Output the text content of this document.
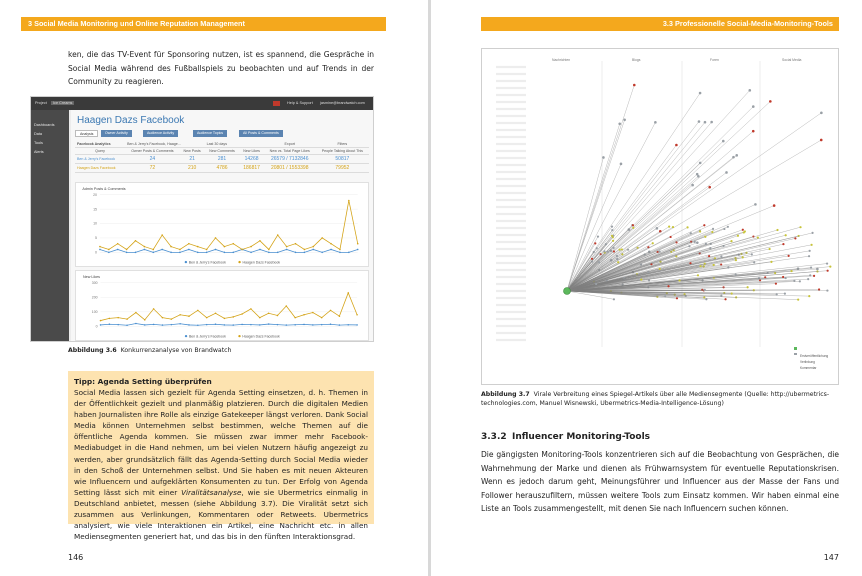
3 Social Media Monitoring und Online Reputation Management

ken, die das TV-Event für Sponsoring nutzen, ist es spannend, die Gespräche in Social Media während des Fußballspiels zu beobachten und auf Trends in der Community zu reagieren.

Project	Ice Creams	Help & Support jasmine@brandwatch.com
Dashboards
Data
Tools
Alerts
Haagen Dazs Facebook
Analysis	Owner Activity	Audience Activity	Audience Topics	All Posts & Comments
Facebook Analytics	Ben & Jerry's Facebook, Haage...		Last 30 days		Export	Filters
Query	Owner Posts & Comments	New Posts	New Comments	New Likes	New vs. Total Page Likes	People Talking About This
Ben & Jerry's Facebook	24	21	281	14268	26579 / 7132846	50817
Haagen Dazs Facebook	72	210	4786	186817	20801 / 1553398	79952
Admin Posts & Comments
20
15
10
5
0
Ben & Jerry's Facebook	Haagen Dazs Facebook
New Likes
300
200
100
0
Ben & Jerry's Facebook	Haagen Dazs Facebook
Abbildung 3.6 Konkurrenzanalyse von Brandwatch
Tipp: Agenda Setting überprüfen

Social Media lassen sich gezielt für Agenda Setting einsetzen, d. h. Themen in der Öffentlichkeit gezielt und planmäßig platzieren. Durch die digitalen Medien haben Journalisten ihre Rolle als einzige Gatekeeper längst verloren. Dank Social Media können Unternehmen selbst bestimmen, welche Themen auf die öffentliche Agenda kommen. Sie müssen zwar immer mehr Facebook-Mediabudget in die Hand nehmen, um bei vielen Nutzern häufig angezeigt zu werden, aber grundsätzlich fällt das Agenda-Setting durch Social Media wieder in den Schoß der Unternehmen selbst. Und Sie haben es mit neuen Akteuren wie Influencern und aufgeklärten Konsumenten zu tun. Der Erfolg von Agenda Setting lässt sich mit einer Viralitätsanalyse, wie sie Ubermetrics einmalig in Deutschland anbietet, messen (siehe Abbildung 3.7). Die Viralität setzt sich zusammen aus Verlinkungen, Kommentaren oder Retweets. Ubermetrics analysiert, wie viele Interaktionen ein Artikel, eine Nachricht etc. in allen Mediensegmenten generiert hat, und das bis in den fünften Interaktionsgrad.

146
3.3 Professionelle Social-Media-Monitoring-Tools
Nachrichten	Blogs	Foren	Social Media
Erstveröffentlichung
Verlinkung
Kommentar
Abbildung 3.7 Virale Verbreitung eines Spiegel-Artikels über alle Mediensegmente (Quelle: http://ubermetrics-technologies.com, Manuel Wisnewski, Ubermetrics-Media-Intelligence-Lösung)
3.3.2 Influencer Monitoring-Tools

Die gängigsten Monitoring-Tools konzentrieren sich auf die Beobachtung von Gesprächen, die Wahrnehmung der Marke und dienen als Frühwarnsystem für eventuelle Reputationskrisen. Wenn es jedoch darum geht, Meinungsführer und Influencer aus der Masse der Fans und Follower herauszufiltern, müssen weitere Tools zum Einsatz kommen. Wir haben einmal eine Liste an Tools zusammengestellt, mit denen Sie nach Influencern suchen können.

147
